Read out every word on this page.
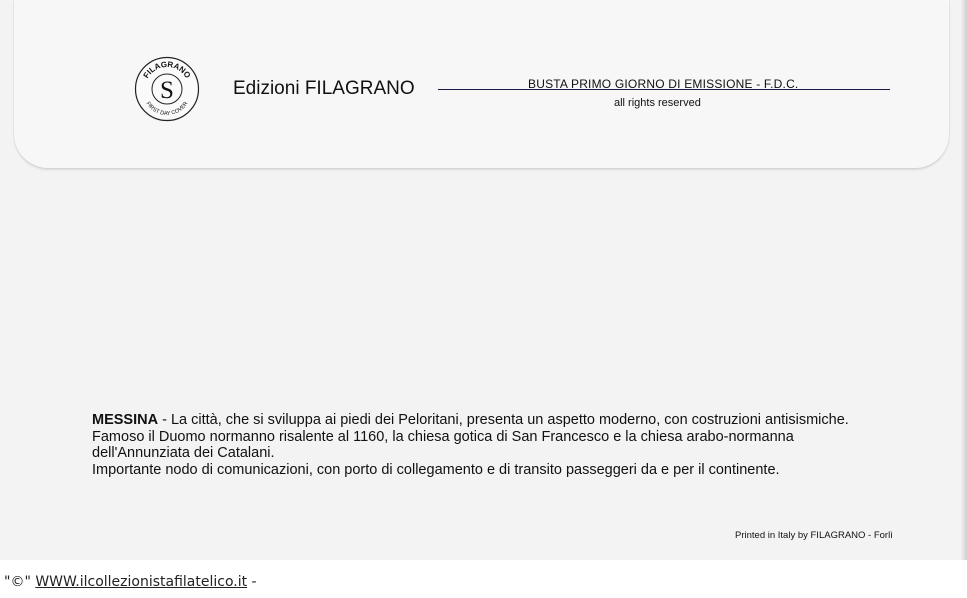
S
FILAGRANO
FIRST DAY COVER
Edizioni FILAGRANO	BUSTA PRIMO GIORNO DI EMISSIONE - F.D.C.
all rights reserved

MESSINA - La città, che si sviluppa ai piedi dei Peloritani, presenta un aspetto moderno, con costruzioni antisismiche. Famoso il Duomo normanno risalente al 1160, la chiesa gotica di San Francesco e la chiesa arabo-normanna dell'Annunziata dei Catalani.

Importante nodo di comunicazioni, con porto di collegamento e di transito passeggeri da e per il continente.

Printed in Italy by FILAGRANO - Forlì
"©" WWW.ilcollezionistafilatelico.it -
